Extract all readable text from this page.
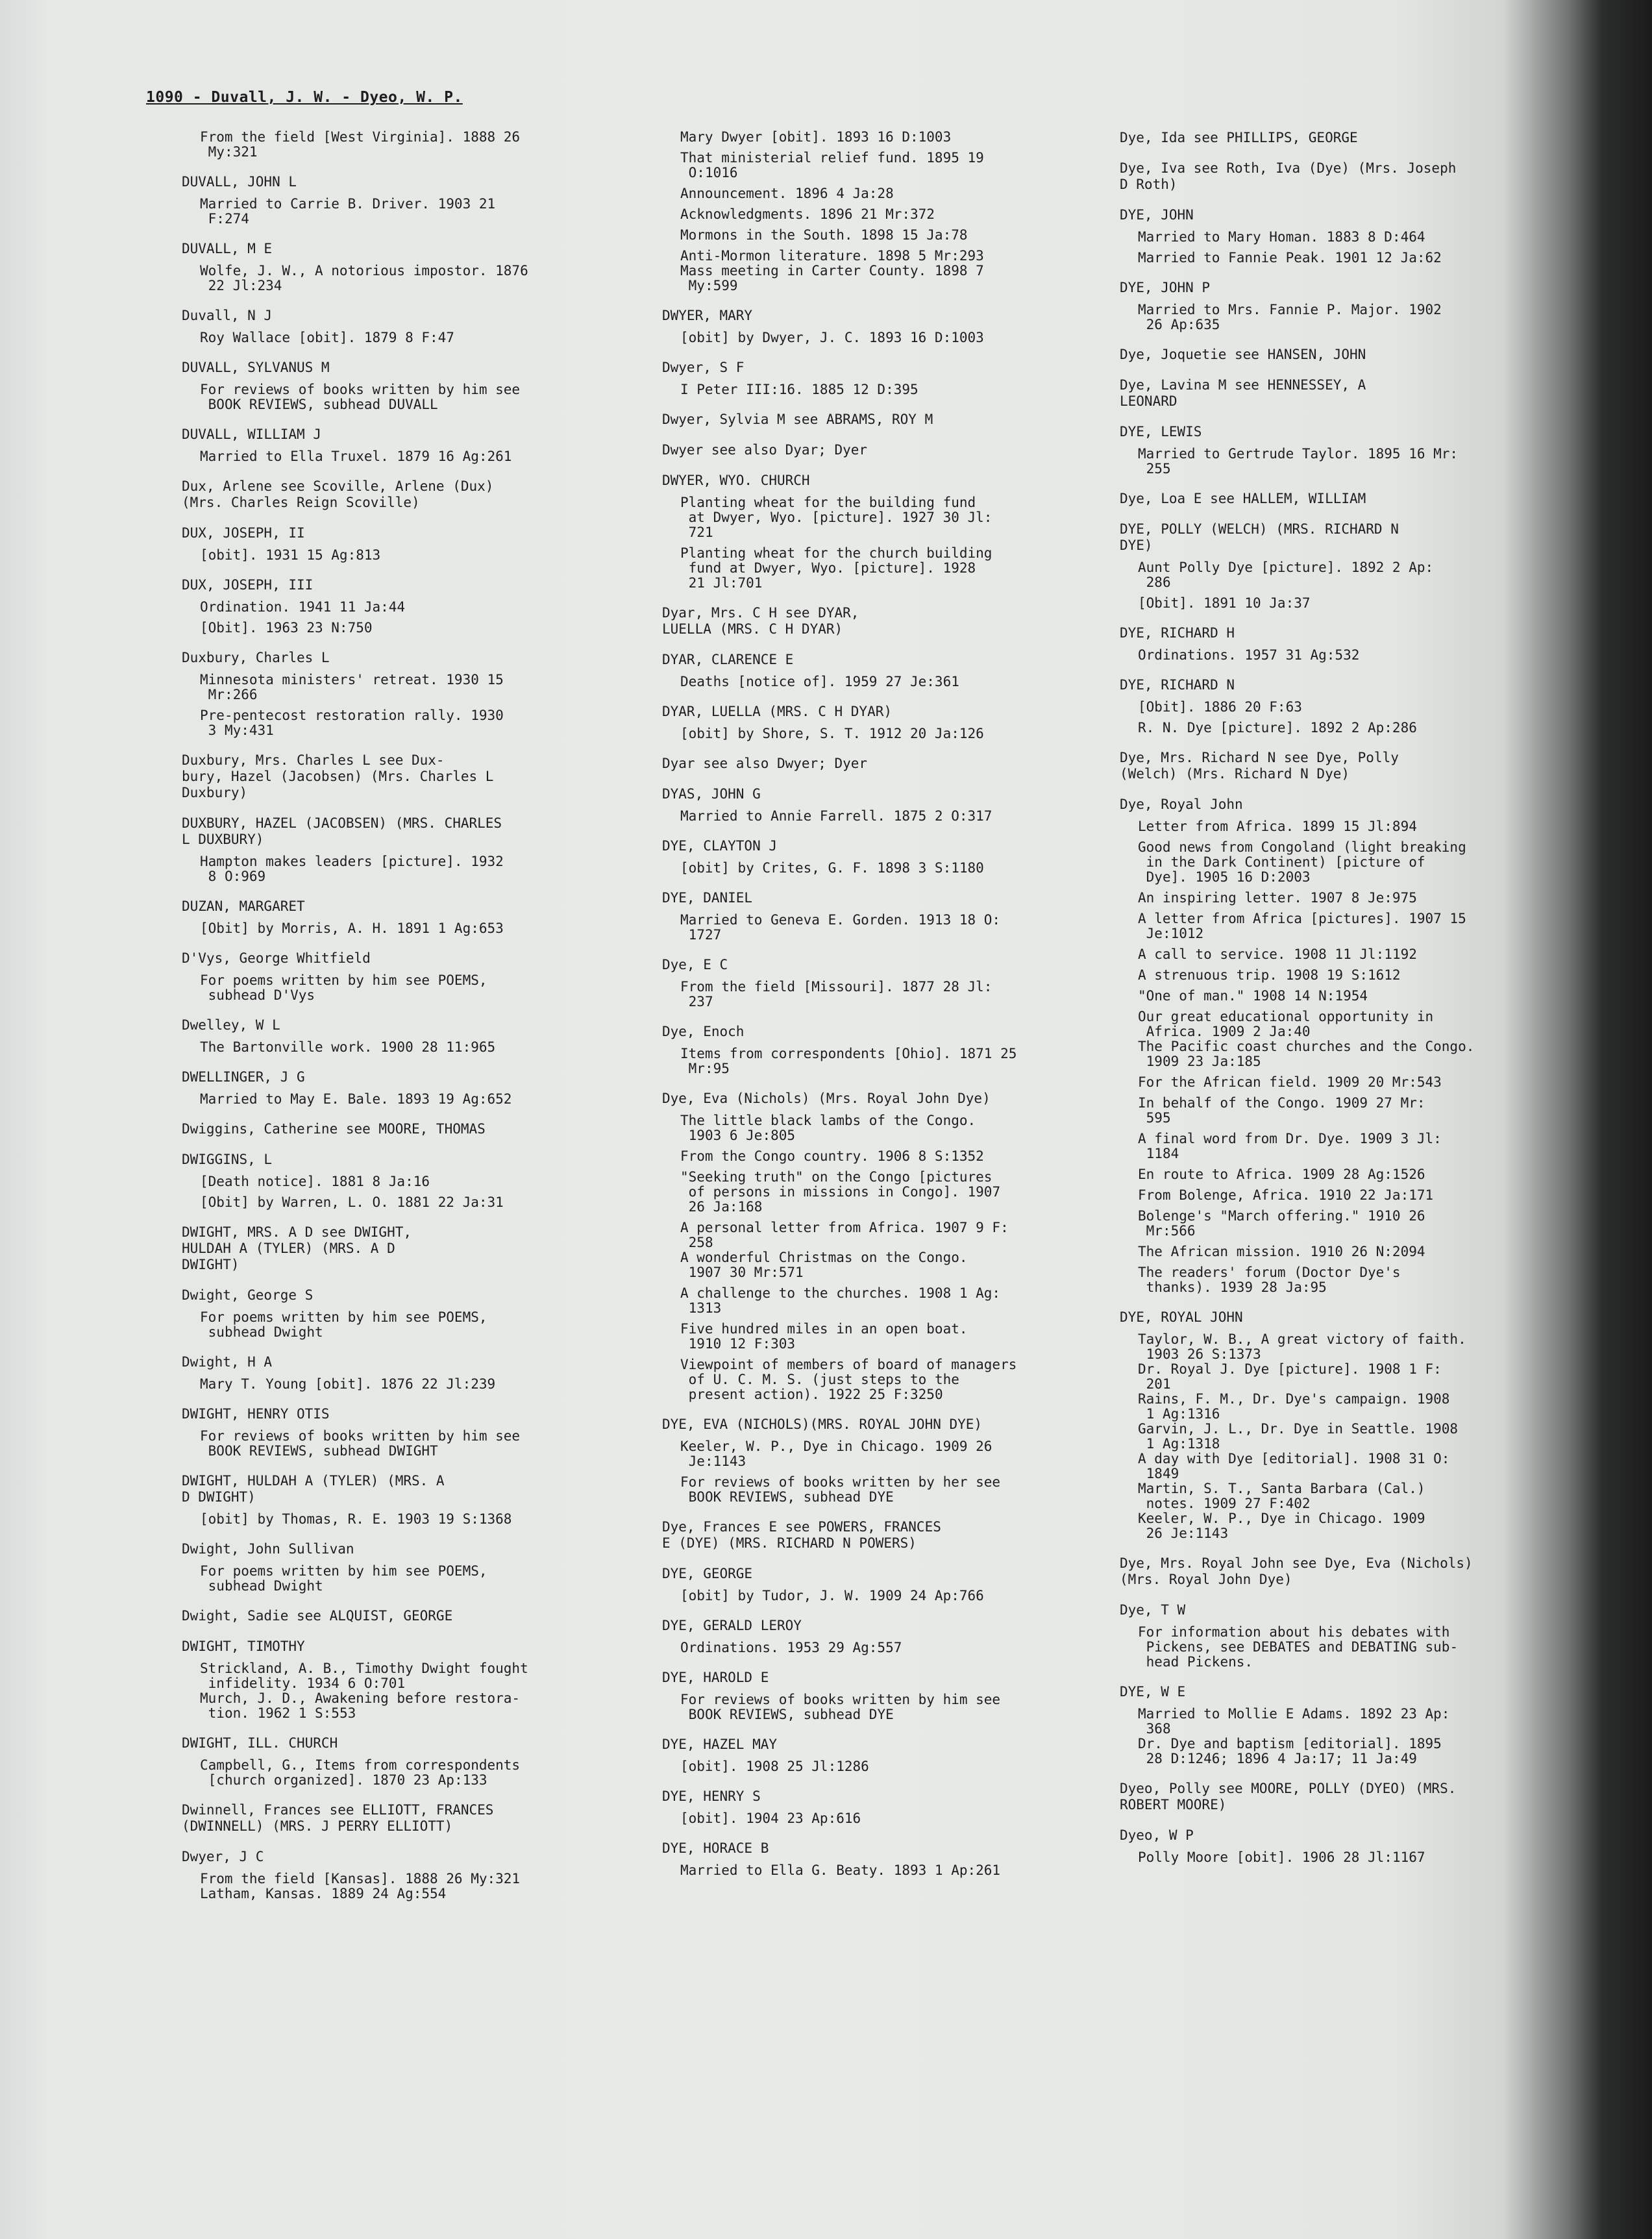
1090 - Duvall, J. W. - Dyeo, W. P.
From the field [West Virginia]. 1888 26
My:321
DUVALL, JOHN L
Married to Carrie B. Driver. 1903 21
F:274
DUVALL, M E
Wolfe, J. W., A notorious impostor. 1876
22 Jl:234
Duvall, N J
Roy Wallace [obit]. 1879 8 F:47
DUVALL, SYLVANUS M
For reviews of books written by him see
BOOK REVIEWS, subhead DUVALL
DUVALL, WILLIAM J
Married to Ella Truxel. 1879 16 Ag:261
Dux, Arlene see Scoville, Arlene (Dux)
(Mrs. Charles Reign Scoville)
DUX, JOSEPH, II
[obit]. 1931 15 Ag:813
DUX, JOSEPH, III
Ordination. 1941 11 Ja:44
[Obit]. 1963 23 N:750
Duxbury, Charles L
Minnesota ministers' retreat. 1930 15
Mr:266
Pre-pentecost restoration rally. 1930
3 My:431
Duxbury, Mrs. Charles L see Dux-
bury, Hazel (Jacobsen) (Mrs. Charles L
Duxbury)
DUXBURY, HAZEL (JACOBSEN) (MRS. CHARLES
L DUXBURY)
Hampton makes leaders [picture]. 1932
8 O:969
DUZAN, MARGARET
[Obit] by Morris, A. H. 1891 1 Ag:653
D'Vys, George Whitfield
For poems written by him see POEMS,
subhead D'Vys
Dwelley, W L
The Bartonville work. 1900 28 11:965
DWELLINGER, J G
Married to May E. Bale. 1893 19 Ag:652
Dwiggins, Catherine see MOORE, THOMAS
DWIGGINS, L
[Death notice]. 1881 8 Ja:16
[Obit] by Warren, L. O. 1881 22 Ja:31
DWIGHT, MRS. A D see DWIGHT,
HULDAH A (TYLER) (MRS. A D
DWIGHT)
Dwight, George S
For poems written by him see POEMS,
subhead Dwight
Dwight, H A
Mary T. Young [obit]. 1876 22 Jl:239
DWIGHT, HENRY OTIS
For reviews of books written by him see
BOOK REVIEWS, subhead DWIGHT
DWIGHT, HULDAH A (TYLER) (MRS. A
D DWIGHT)
[obit] by Thomas, R. E. 1903 19 S:1368
Dwight, John Sullivan
For poems written by him see POEMS,
subhead Dwight
Dwight, Sadie see ALQUIST, GEORGE
DWIGHT, TIMOTHY
Strickland, A. B., Timothy Dwight fought
infidelity. 1934 6 O:701
Murch, J. D., Awakening before restora-
tion. 1962 1 S:553
DWIGHT, ILL. CHURCH
Campbell, G., Items from correspondents
[church organized]. 1870 23 Ap:133
Dwinnell, Frances see ELLIOTT, FRANCES
(DWINNELL) (MRS. J PERRY ELLIOTT)
Dwyer, J C
From the field [Kansas]. 1888 26 My:321
Latham, Kansas. 1889 24 Ag:554
Mary Dwyer [obit]. 1893 16 D:1003
That ministerial relief fund. 1895 19
O:1016
Announcement. 1896 4 Ja:28
Acknowledgments. 1896 21 Mr:372
Mormons in the South. 1898 15 Ja:78
Anti-Mormon literature. 1898 5 Mr:293
Mass meeting in Carter County. 1898 7
My:599
DWYER, MARY
[obit] by Dwyer, J. C. 1893 16 D:1003
Dwyer, S F
I Peter III:16. 1885 12 D:395
Dwyer, Sylvia M see ABRAMS, ROY M
Dwyer see also Dyar; Dyer
DWYER, WYO. CHURCH
Planting wheat for the building fund
at Dwyer, Wyo. [picture]. 1927 30 Jl:
721
Planting wheat for the church building
fund at Dwyer, Wyo. [picture]. 1928
21 Jl:701
Dyar, Mrs. C H see DYAR,
LUELLA (MRS. C H DYAR)
DYAR, CLARENCE E
Deaths [notice of]. 1959 27 Je:361
DYAR, LUELLA (MRS. C H DYAR)
[obit] by Shore, S. T. 1912 20 Ja:126
Dyar see also Dwyer; Dyer
DYAS, JOHN G
Married to Annie Farrell. 1875 2 O:317
DYE, CLAYTON J
[obit] by Crites, G. F. 1898 3 S:1180
DYE, DANIEL
Married to Geneva E. Gorden. 1913 18 O:
1727
Dye, E C
From the field [Missouri]. 1877 28 Jl:
237
Dye, Enoch
Items from correspondents [Ohio]. 1871 25
Mr:95
Dye, Eva (Nichols) (Mrs. Royal John Dye)
The little black lambs of the Congo.
1903 6 Je:805
From the Congo country. 1906 8 S:1352
"Seeking truth" on the Congo [pictures
of persons in missions in Congo]. 1907
26 Ja:168
A personal letter from Africa. 1907 9 F:
258
A wonderful Christmas on the Congo.
1907 30 Mr:571
A challenge to the churches. 1908 1 Ag:
1313
Five hundred miles in an open boat.
1910 12 F:303
Viewpoint of members of board of managers
of U. C. M. S. (just steps to the
present action). 1922 25 F:3250
DYE, EVA (NICHOLS)(MRS. ROYAL JOHN DYE)
Keeler, W. P., Dye in Chicago. 1909 26
Je:1143
For reviews of books written by her see
BOOK REVIEWS, subhead DYE
Dye, Frances E see POWERS, FRANCES
E (DYE) (MRS. RICHARD N POWERS)
DYE, GEORGE
[obit] by Tudor, J. W. 1909 24 Ap:766
DYE, GERALD LEROY
Ordinations. 1953 29 Ag:557
DYE, HAROLD E
For reviews of books written by him see
BOOK REVIEWS, subhead DYE
DYE, HAZEL MAY
[obit]. 1908 25 Jl:1286
DYE, HENRY S
[obit]. 1904 23 Ap:616
DYE, HORACE B
Married to Ella G. Beaty. 1893 1 Ap:261
Dye, Ida see PHILLIPS, GEORGE
Dye, Iva see Roth, Iva (Dye) (Mrs. Joseph
D Roth)
DYE, JOHN
Married to Mary Homan. 1883 8 D:464
Married to Fannie Peak. 1901 12 Ja:62
DYE, JOHN P
Married to Mrs. Fannie P. Major. 1902
26 Ap:635
Dye, Joquetie see HANSEN, JOHN
Dye, Lavina M see HENNESSEY, A
LEONARD
DYE, LEWIS
Married to Gertrude Taylor. 1895 16 Mr:
255
Dye, Loa E see HALLEM, WILLIAM
DYE, POLLY (WELCH) (MRS. RICHARD N
DYE)
Aunt Polly Dye [picture]. 1892 2 Ap:
286
[Obit]. 1891 10 Ja:37
DYE, RICHARD H
Ordinations. 1957 31 Ag:532
DYE, RICHARD N
[Obit]. 1886 20 F:63
R. N. Dye [picture]. 1892 2 Ap:286
Dye, Mrs. Richard N see Dye, Polly
(Welch) (Mrs. Richard N Dye)
Dye, Royal John
Letter from Africa. 1899 15 Jl:894
Good news from Congoland (light breaking
in the Dark Continent) [picture of
Dye]. 1905 16 D:2003
An inspiring letter. 1907 8 Je:975
A letter from Africa [pictures]. 1907 15
Je:1012
A call to service. 1908 11 Jl:1192
A strenuous trip. 1908 19 S:1612
"One of man." 1908 14 N:1954
Our great educational opportunity in
Africa. 1909 2 Ja:40
The Pacific coast churches and the Congo.
1909 23 Ja:185
For the African field. 1909 20 Mr:543
In behalf of the Congo. 1909 27 Mr:
595
A final word from Dr. Dye. 1909 3 Jl:
1184
En route to Africa. 1909 28 Ag:1526
From Bolenge, Africa. 1910 22 Ja:171
Bolenge's "March offering." 1910 26
Mr:566
The African mission. 1910 26 N:2094
The readers' forum (Doctor Dye's
thanks). 1939 28 Ja:95
DYE, ROYAL JOHN
Taylor, W. B., A great victory of faith.
1903 26 S:1373
Dr. Royal J. Dye [picture]. 1908 1 F:
201
Rains, F. M., Dr. Dye's campaign. 1908
1 Ag:1316
Garvin, J. L., Dr. Dye in Seattle. 1908
1 Ag:1318
A day with Dye [editorial]. 1908 31 O:
1849
Martin, S. T., Santa Barbara (Cal.)
notes. 1909 27 F:402
Keeler, W. P., Dye in Chicago. 1909
26 Je:1143
Dye, Mrs. Royal John see Dye, Eva (Nichols)
(Mrs. Royal John Dye)
Dye, T W
For information about his debates with
Pickens, see DEBATES and DEBATING sub-
head Pickens.
DYE, W E
Married to Mollie E Adams. 1892 23 Ap:
368
Dr. Dye and baptism [editorial]. 1895
28 D:1246; 1896 4 Ja:17; 11 Ja:49
Dyeo, Polly see MOORE, POLLY (DYEO) (MRS.
ROBERT MOORE)
Dyeo, W P
Polly Moore [obit]. 1906 28 Jl:1167
